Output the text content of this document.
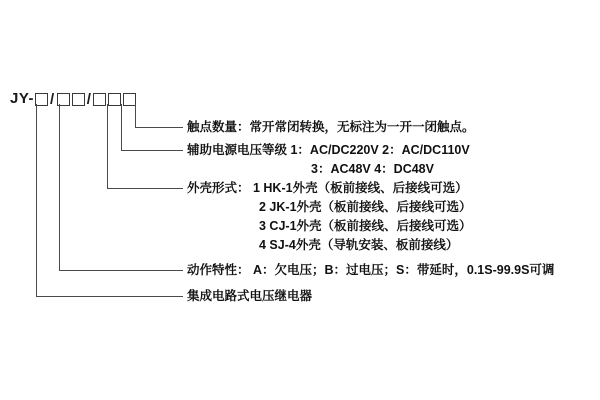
JY- / /
触点数量：常开常闭转换，无标注为一开一闭触点。
辅助电源电压等级 1：AC/DC220V 2：AC/DC110V
3：AC48V 4：DC48V
外壳形式： 1 HK-1外壳（板前接线、后接线可选）
2 JK-1外壳（板前接线、后接线可选）
3 CJ-1外壳（板前接线、后接线可选）
4 SJ-4外壳（导轨安装、板前接线）
动作特性： A：欠电压；B：过电压；S：带延时，0.1S-99.9S可调
集成电路式电压继电器
